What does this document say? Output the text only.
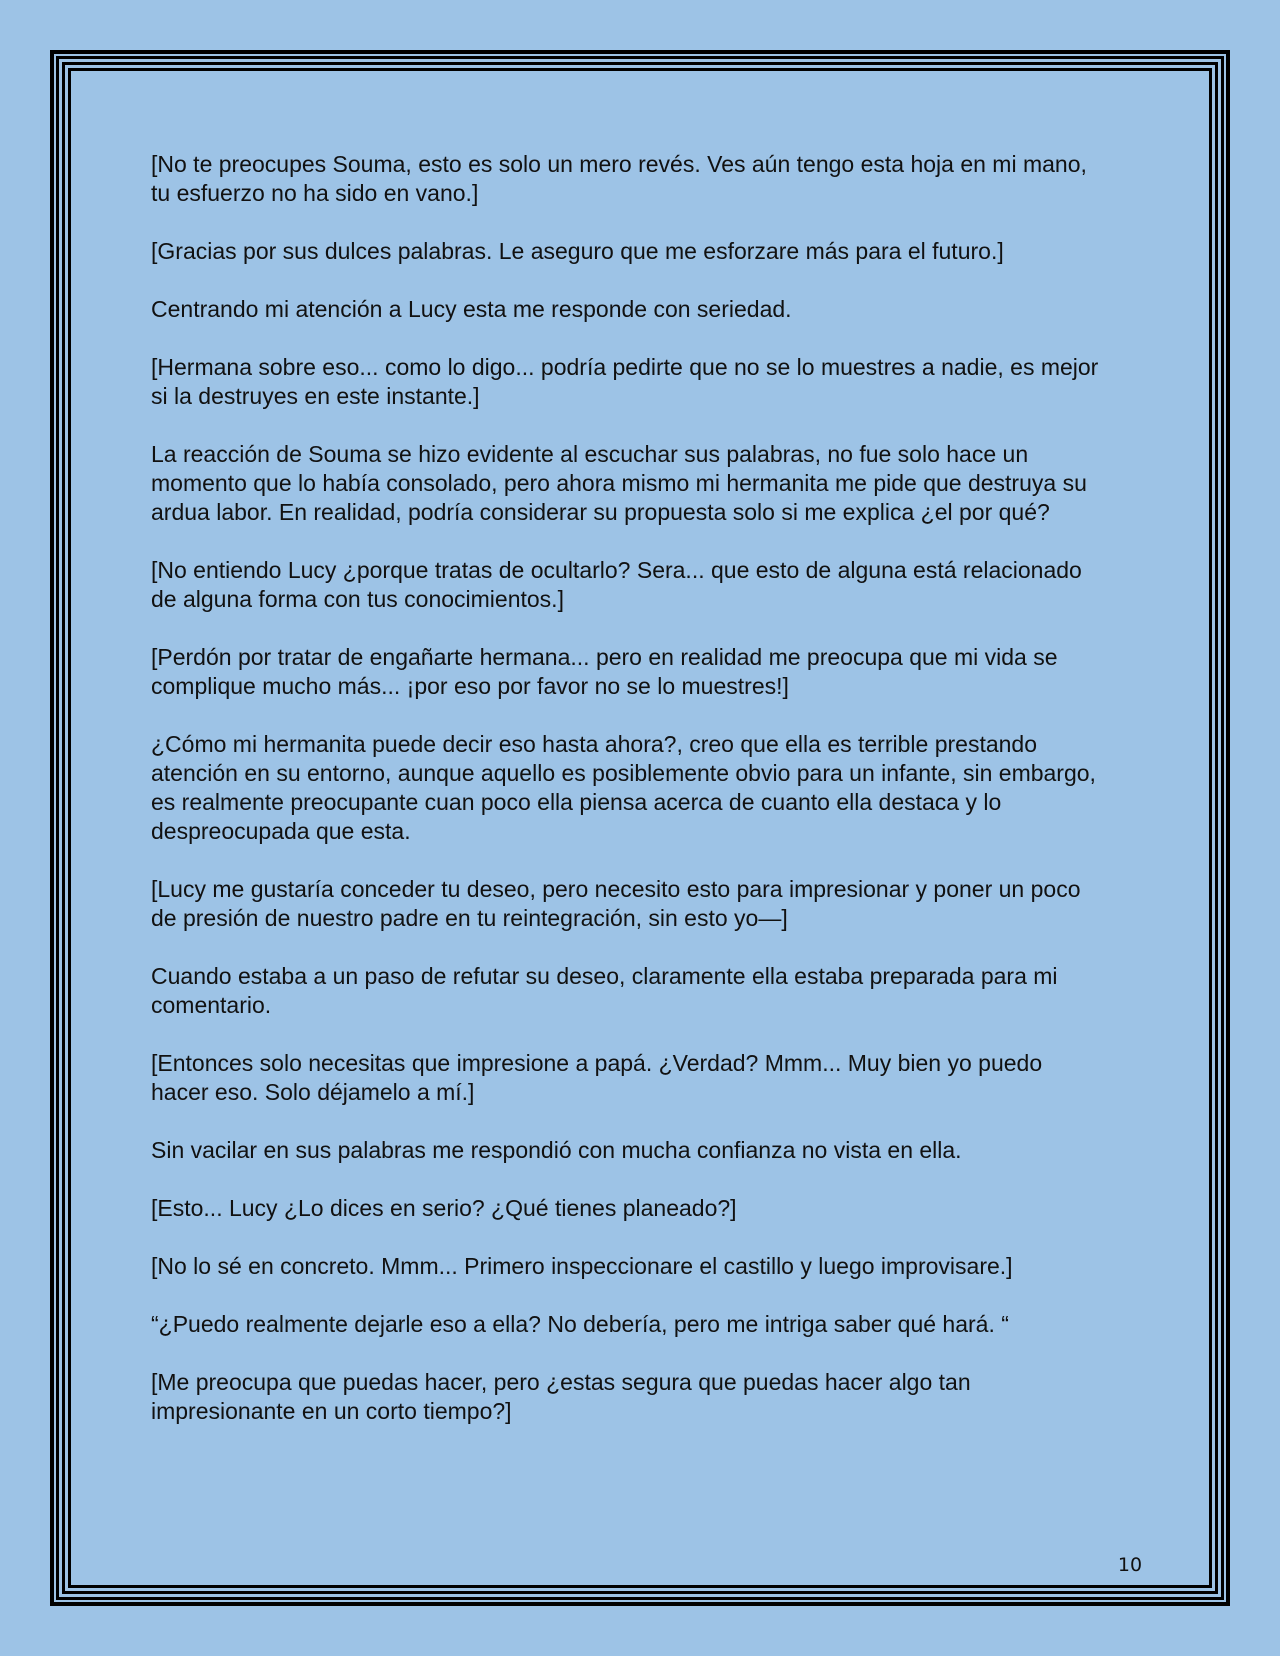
[No te preocupes Souma, esto es solo un mero revés. Ves aún tengo esta hoja en mi mano, tu esfuerzo no ha sido en vano.]

[Gracias por sus dulces palabras. Le aseguro que me esforzare más para el futuro.]

Centrando mi atención a Lucy esta me responde con seriedad.

[Hermana sobre eso... como lo digo... podría pedirte que no se lo muestres a nadie, es mejor si la destruyes en este instante.]

La reacción de Souma se hizo evidente al escuchar sus palabras, no fue solo hace un momento que lo había consolado, pero ahora mismo mi hermanita me pide que destruya su ardua labor. En realidad, podría considerar su propuesta solo si me explica ¿el por qué?

[No entiendo Lucy ¿porque tratas de ocultarlo? Sera... que esto de alguna está relacionado de alguna forma con tus conocimientos.]

[Perdón por tratar de engañarte hermana... pero en realidad me preocupa que mi vida se complique mucho más... ¡por eso por favor no se lo muestres!]

¿Cómo mi hermanita puede decir eso hasta ahora?, creo que ella es terrible prestando atención en su entorno, aunque aquello es posiblemente obvio para un infante, sin embargo, es realmente preocupante cuan poco ella piensa acerca de cuanto ella destaca y lo despreocupada que esta.

[Lucy me gustaría conceder tu deseo, pero necesito esto para impresionar y poner un poco de presión de nuestro padre en tu reintegración, sin esto yo—]

Cuando estaba a un paso de refutar su deseo, claramente ella estaba preparada para mi comentario.

[Entonces solo necesitas que impresione a papá. ¿Verdad? Mmm... Muy bien yo puedo hacer eso. Solo déjamelo a mí.]

Sin vacilar en sus palabras me respondió con mucha confianza no vista en ella.

[Esto... Lucy ¿Lo dices en serio? ¿Qué tienes planeado?]

[No lo sé en concreto. Mmm... Primero inspeccionare el castillo y luego improvisare.]

“¿Puedo realmente dejarle eso a ella? No debería, pero me intriga saber qué hará. “

[Me preocupa que puedas hacer, pero ¿estas segura que puedas hacer algo tan impresionante en un corto tiempo?]

10
